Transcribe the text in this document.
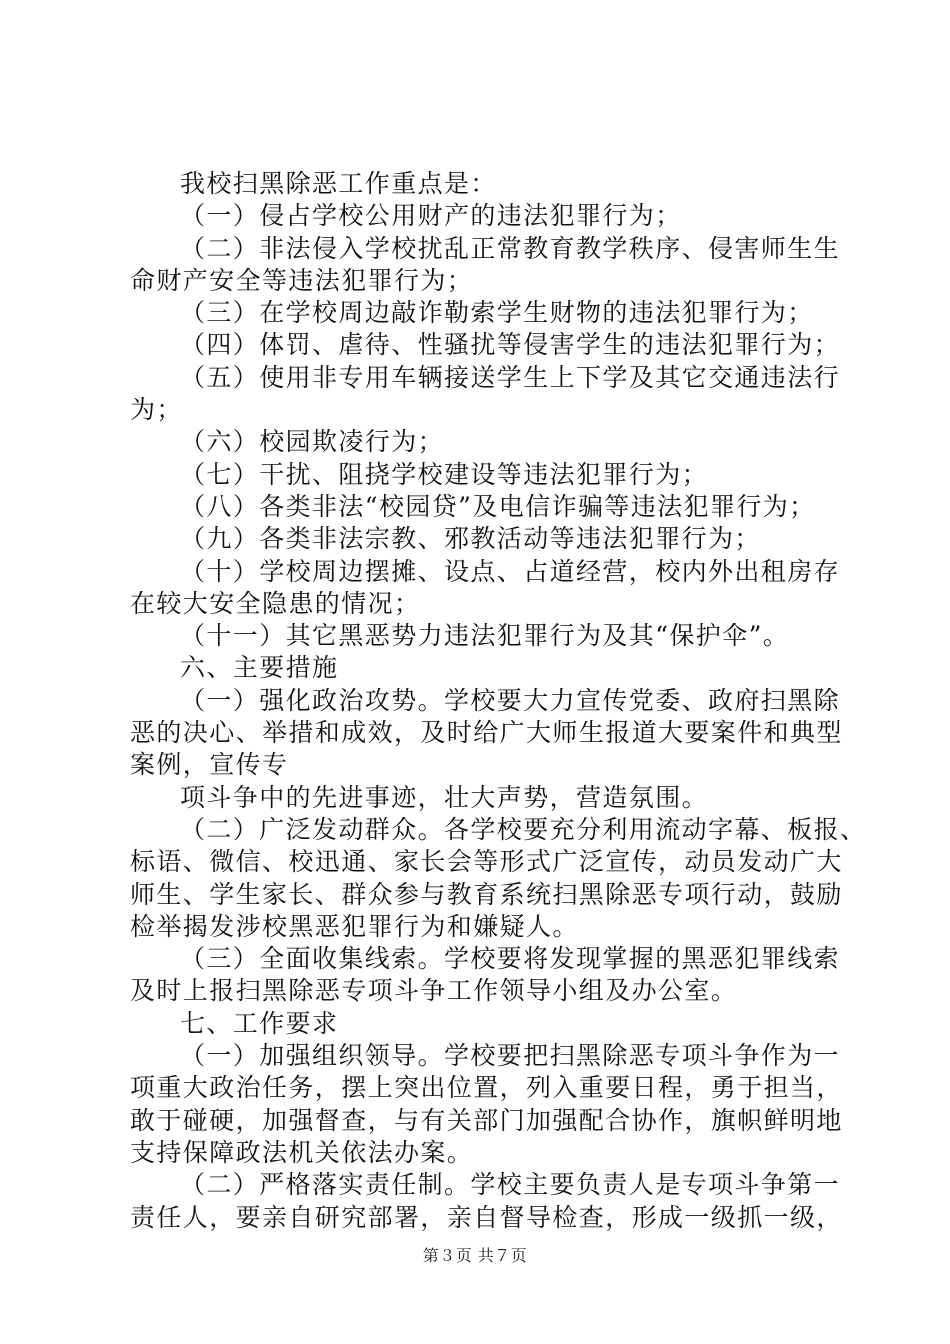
我校扫黑除恶工作重点是：
（一）侵占学校公用财产的违法犯罪行为；
（二）非法侵入学校扰乱正常教育教学秩序、侵害师生生
命财产安全等违法犯罪行为；
（三）在学校周边敲诈勒索学生财物的违法犯罪行为；
（四）体罚、虐待、性骚扰等侵害学生的违法犯罪行为；
（五）使用非专用车辆接送学生上下学及其它交通违法行
为；
（六）校园欺凌行为；
（七）干扰、阻挠学校建设等违法犯罪行为；
（八）各类非法“校园贷”及电信诈骗等违法犯罪行为；
（九）各类非法宗教、邪教活动等违法犯罪行为；
（十）学校周边摆摊、设点、占道经营，校内外出租房存
在较大安全隐患的情况；
（十一）其它黑恶势力违法犯罪行为及其“保护伞”。
六、主要措施
（一）强化政治攻势。学校要大力宣传党委、政府扫黑除
恶的决心、举措和成效，及时给广大师生报道大要案件和典型
案例，宣传专
项斗争中的先进事迹，壮大声势，营造氛围。
（二）广泛发动群众。各学校要充分利用流动字幕、板报、
标语、微信、校迅通、家长会等形式广泛宣传，动员发动广大
师生、学生家长、群众参与教育系统扫黑除恶专项行动，鼓励
检举揭发涉校黑恶犯罪行为和嫌疑人。
（三）全面收集线索。学校要将发现掌握的黑恶犯罪线索
及时上报扫黑除恶专项斗争工作领导小组及办公室。
七、工作要求
（一）加强组织领导。学校要把扫黑除恶专项斗争作为一
项重大政治任务，摆上突出位置，列入重要日程，勇于担当，
敢于碰硬，加强督查，与有关部门加强配合协作，旗帜鲜明地
支持保障政法机关依法办案。
（二）严格落实责任制。学校主要负责人是专项斗争第一
责任人，要亲自研究部署，亲自督导检查，形成一级抓一级，
第３页 共７页
